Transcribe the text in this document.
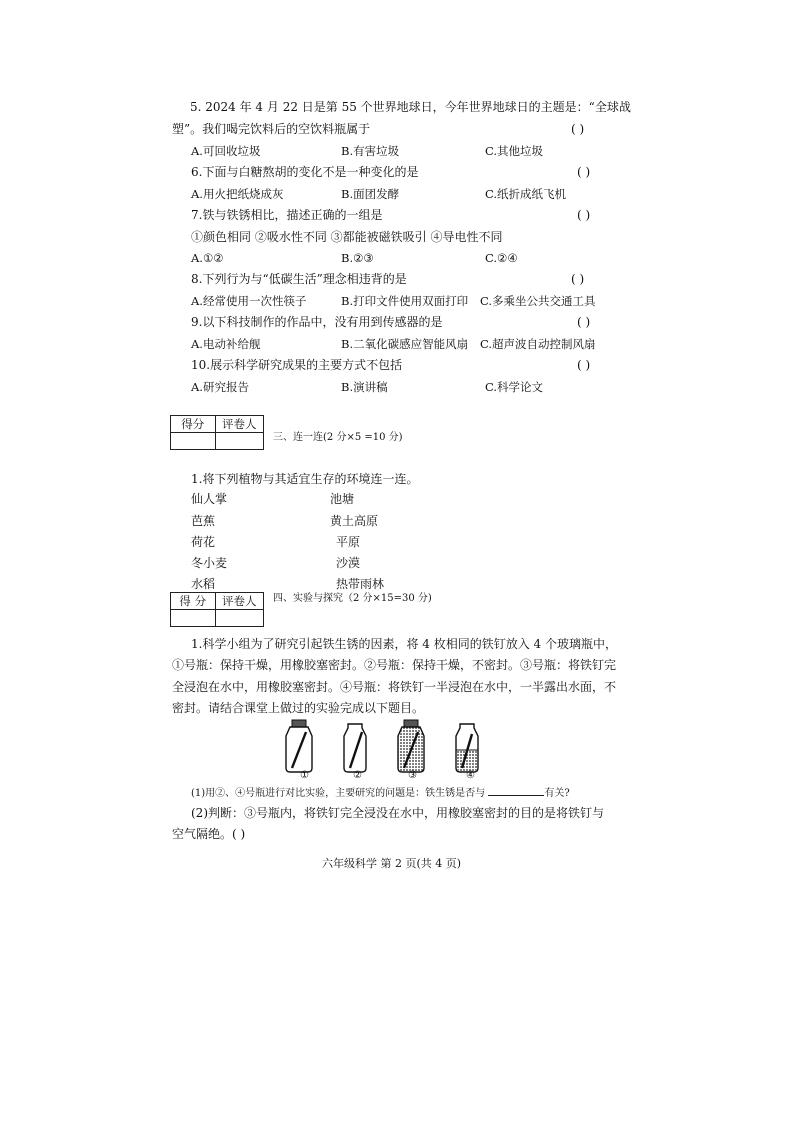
5. 2024 年 4 月 22 日是第 55 个世界地球日，今年世界地球日的主题是：“全球战
塑”。我们喝完饮料后的空饮料瓶属于	( )
A.可回收垃圾	B.有害垃圾	C.其他垃圾
6.下面与白糖熬胡的变化不是一种变化的是	( )
A.用火把纸烧成灰	B.面团发酵	C.纸折成纸飞机
7.铁与铁锈相比，描述正确的一组是	( )
①颜色相同 ②吸水性不同 ③都能被磁铁吸引 ④导电性不同
A.①②	B.②③	C.②④
8.下列行为与“低碳生活”理念相违背的是	( )
A.经常使用一次性筷子	B.打印文件使用双面打印 C.多乘坐公共交通工具
9.以下科技制作的作品中，没有用到传感器的是	( )
A.电动补给舰	B.二氧化碳感应智能风扇 C.超声波自动控制风扇
10.展示科学研究成果的主要方式不包括	( )
A.研究报告	B.演讲稿	C.科学论文
得分	评卷人

三、连一连(2 分×5 =10 分)
1.将下列植物与其适宜生存的环境连一连。
仙人掌
芭蕉
荷花
冬小麦
水稻
池塘
黄土高原
平原
沙漠
热带雨林
得 分	评卷人
	四、实验与探究（2 分×15=30 分)
1.科学小组为了研究引起铁生锈的因素，将 4 枚相同的铁钉放入 4 个玻璃瓶中，
①号瓶：保持干燥，用橡胶塞密封。②号瓶：保持干燥，不密封。③号瓶：将铁钉完
全浸泡在水中，用橡胶塞密封。④号瓶：将铁钉一半浸泡在水中，一半露出水面，不
密封。请结合课堂上做过的实验完成以下题目。
①	②	③	④
(1)用②、④号瓶进行对比实验，主要研究的问题是：铁生锈是否与	有关?
(2)判断：③号瓶内，将铁钉完全浸没在水中，用橡胶塞密封的目的是将铁钉与
空气隔绝。( )
六年级科学 第 2 页(共 4 页)
